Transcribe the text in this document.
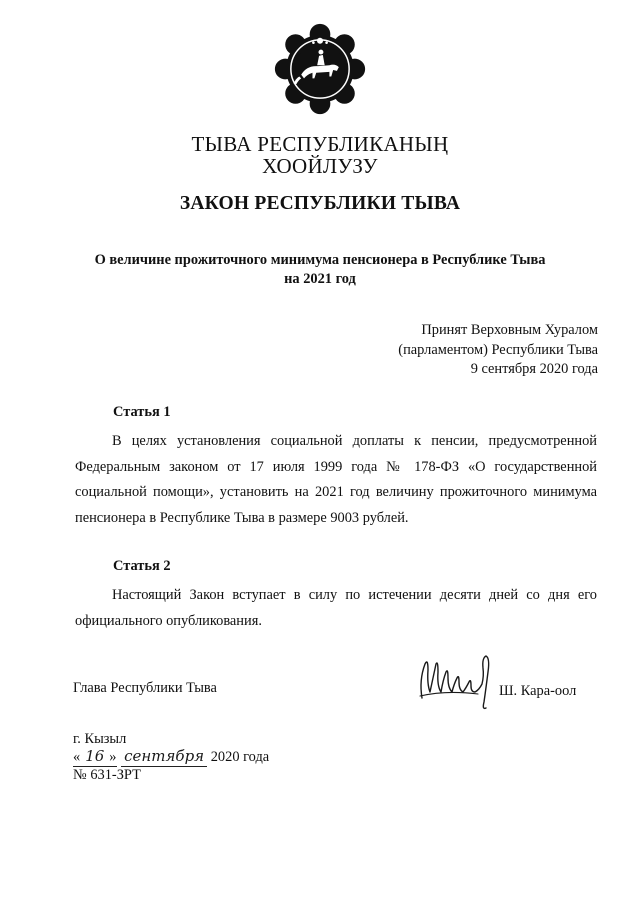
ТЫВА РЕСПУБЛИКАНЫҢ
ХООЙЛУЗУ
ЗАКОН РЕСПУБЛИКИ ТЫВА
О величине прожиточного минимума пенсионера в Республике Тыва
на 2021 год
Принят Верховным Хуралом
(парламентом) Республики Тыва
9 сентября 2020 года
Статья 1
В целях установления социальной доплаты к пенсии, предусмотренной Федеральным законом от 17 июля 1999 года № 178-ФЗ «О государственной социальной помощи», установить на 2021 год величину прожиточного минимума пенсионера в Республике Тыва в размере 9003 рублей.
Статья 2
Настоящий Закон вступает в силу по истечении десяти дней со дня его официального опубликования.
Глава Республики Тыва	Ш. Кара-оол
г. Кызыл
« 16 » сентября 2020 года
№ 631-ЗРТ
